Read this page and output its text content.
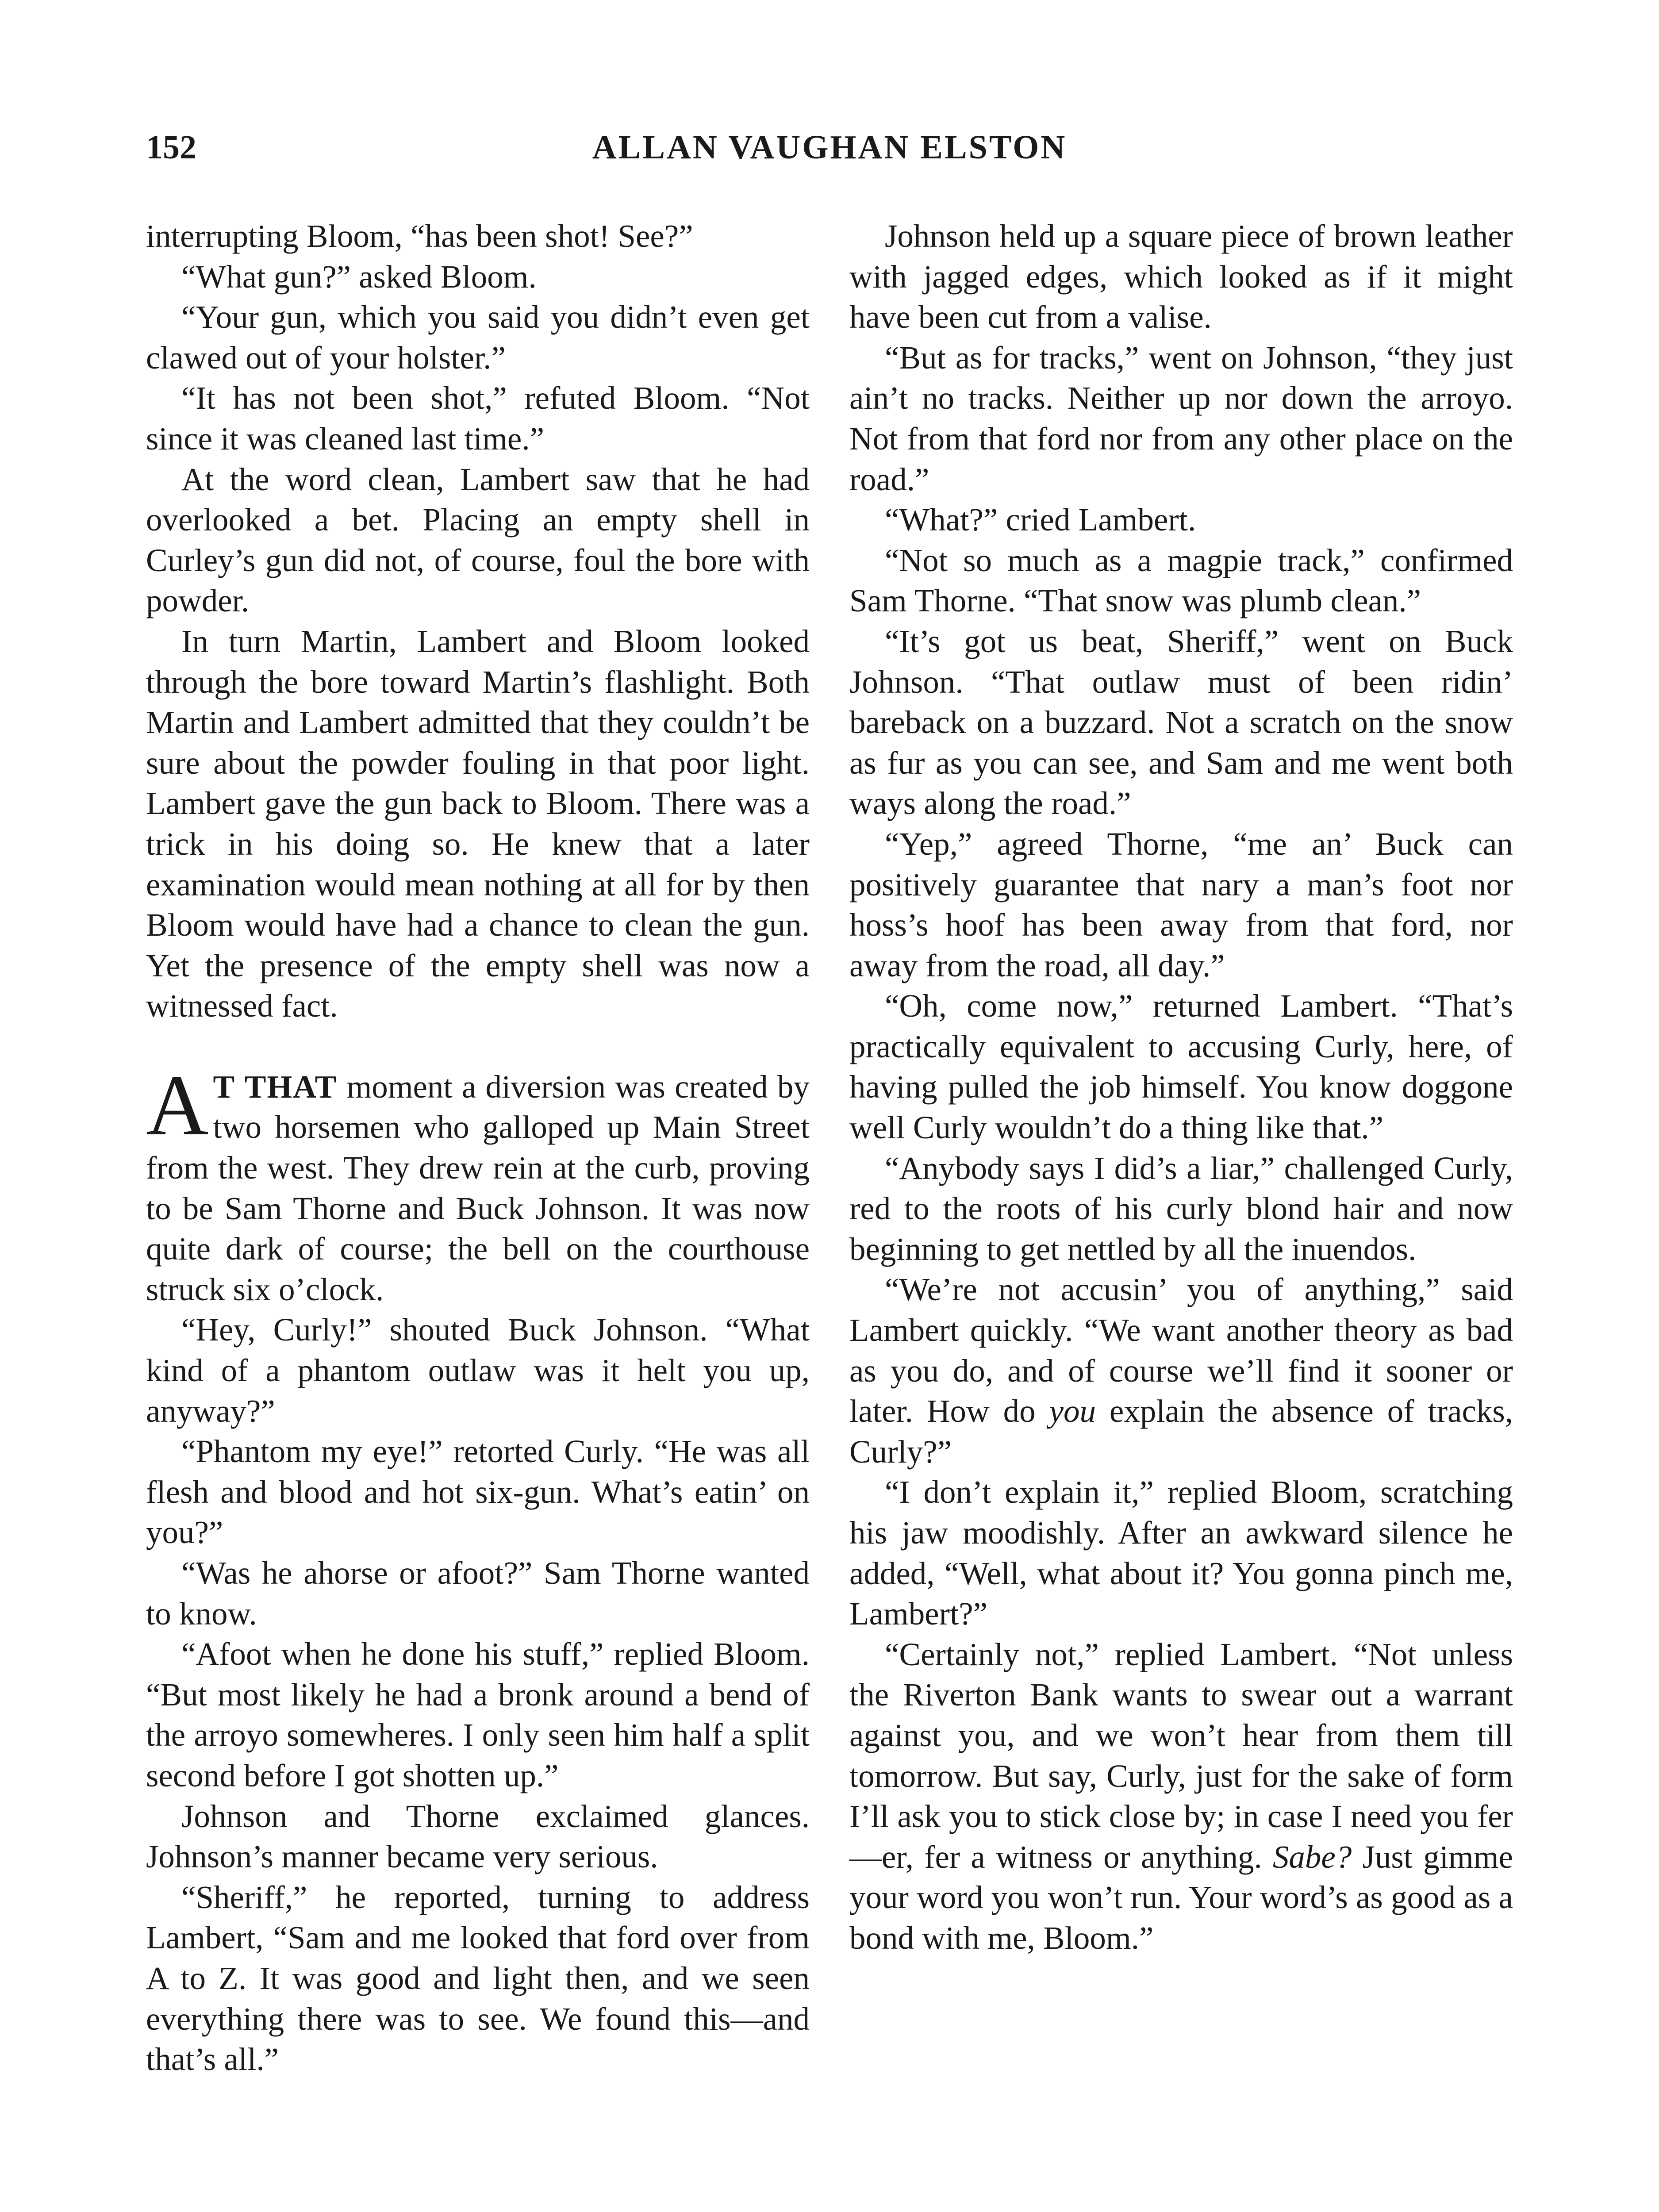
152	ALLAN VAUGHAN ELSTON

interrupting Bloom, “has been shot! See?”

“What gun?” asked Bloom.

“Your gun, which you said you didn’t even get clawed out of your holster.”

“It has not been shot,” refuted Bloom. “Not since it was cleaned last time.”

At the word clean, Lambert saw that he had overlooked a bet. Placing an empty shell in Curley’s gun did not, of course, foul the bore with powder.

In turn Martin, Lambert and Bloom looked through the bore toward Martin’s flashlight. Both Martin and Lambert admitted that they couldn’t be sure about the powder fouling in that poor light. Lambert gave the gun back to Bloom. There was a trick in his doing so. He knew that a later examination would mean nothing at all for by then Bloom would have had a chance to clean the gun. Yet the presence of the empty shell was now a witnessed fact.

A T THAT moment a diversion was created by two horsemen who galloped up Main Street from the west. They drew rein at the curb, proving to be Sam Thorne and Buck Johnson. It was now quite dark of course; the bell on the courthouse struck six o’clock.

“Hey, Curly!” shouted Buck Johnson. “What kind of a phantom outlaw was it helt you up, anyway?”

“Phantom my eye!” retorted Curly. “He was all flesh and blood and hot six-gun. What’s eatin’ on you?”

“Was he ahorse or afoot?” Sam Thorne wanted to know.

“Afoot when he done his stuff,” replied Bloom. “But most likely he had a bronk around a bend of the arroyo somewheres. I only seen him half a split second before I got shotten up.”

Johnson and Thorne exclaimed glances. Johnson’s manner became very serious.

“Sheriff,” he reported, turning to address Lambert, “Sam and me looked that ford over from A to Z. It was good and light then, and we seen everything there was to see. We found this—and that’s all.”

Johnson held up a square piece of brown leather with jagged edges, which looked as if it might have been cut from a valise.

“But as for tracks,” went on Johnson, “they just ain’t no tracks. Neither up nor down the arroyo. Not from that ford nor from any other place on the road.”

“What?” cried Lambert.

“Not so much as a magpie track,” confirmed Sam Thorne. “That snow was plumb clean.”

“It’s got us beat, Sheriff,” went on Buck Johnson. “That outlaw must of been ridin’ bareback on a buzzard. Not a scratch on the snow as fur as you can see, and Sam and me went both ways along the road.”

“Yep,” agreed Thorne, “me an’ Buck can positively guarantee that nary a man’s foot nor hoss’s hoof has been away from that ford, nor away from the road, all day.”

“Oh, come now,” returned Lambert. “That’s practically equivalent to accusing Curly, here, of having pulled the job himself. You know doggone well Curly wouldn’t do a thing like that.”

“Anybody says I did’s a liar,” challenged Curly, red to the roots of his curly blond hair and now beginning to get nettled by all the inuendos.

“We’re not accusin’ you of anything,” said Lambert quickly. “We want another theory as bad as you do, and of course we’ll find it sooner or later. How do you explain the absence of tracks, Curly?”

“I don’t explain it,” replied Bloom, scratching his jaw moodishly. After an awkward silence he added, “Well, what about it? You gonna pinch me, Lambert?”

“Certainly not,” replied Lambert. “Not unless the Riverton Bank wants to swear out a warrant against you, and we won’t hear from them till tomorrow. But say, Curly, just for the sake of form I’ll ask you to stick close by; in case I need you fer—er, fer a witness or anything. Sabe? Just gimme your word you won’t run. Your word’s as good as a bond with me, Bloom.”
